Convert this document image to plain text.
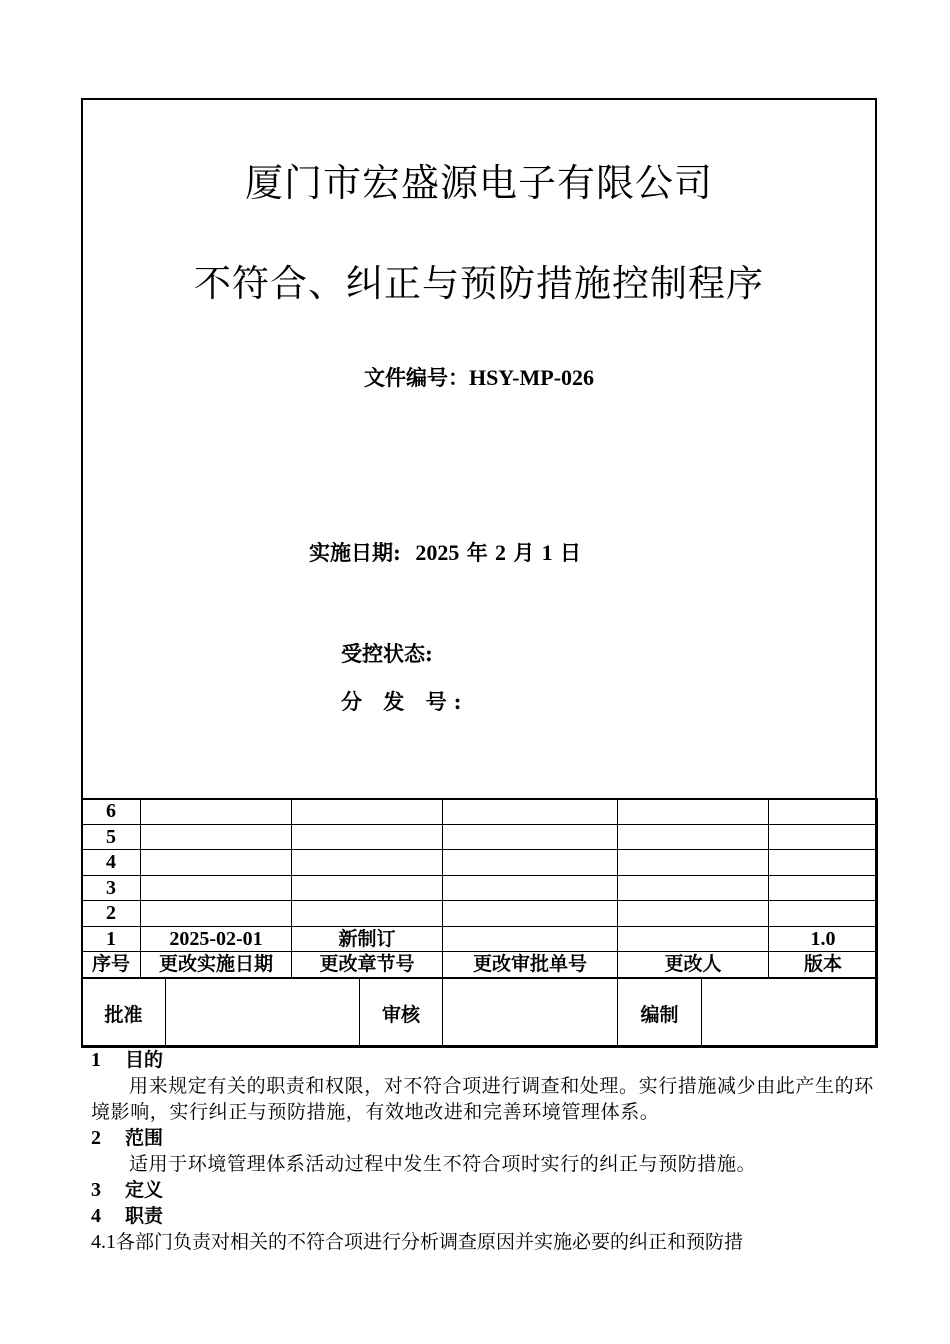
厦门市宏盛源电子有限公司
不符合、纠正与预防措施控制程序
文件编号：HSY-MP-026
实施日期: 2025 年 2 月 1 日
受控状态:
分 发 号:
6					
5					
4					
3					
2					
1	2025-02-01	新制订			1.0
序号	更改实施日期	更改章节号	更改审批单号	更改人	版本
批准		审核		编制	
1 目的
用来规定有关的职责和权限，对不符合项进行调查和处理。实行措施减少由此产生的环境影响，实行纠正与预防措施，有效地改进和完善环境管理体系。
2 范围
适用于环境管理体系活动过程中发生不符合项时实行的纠正与预防措施。
3 定义
4 职责
4.1各部门负责对相关的不符合项进行分析调查原因并实施必要的纠正和预防措
